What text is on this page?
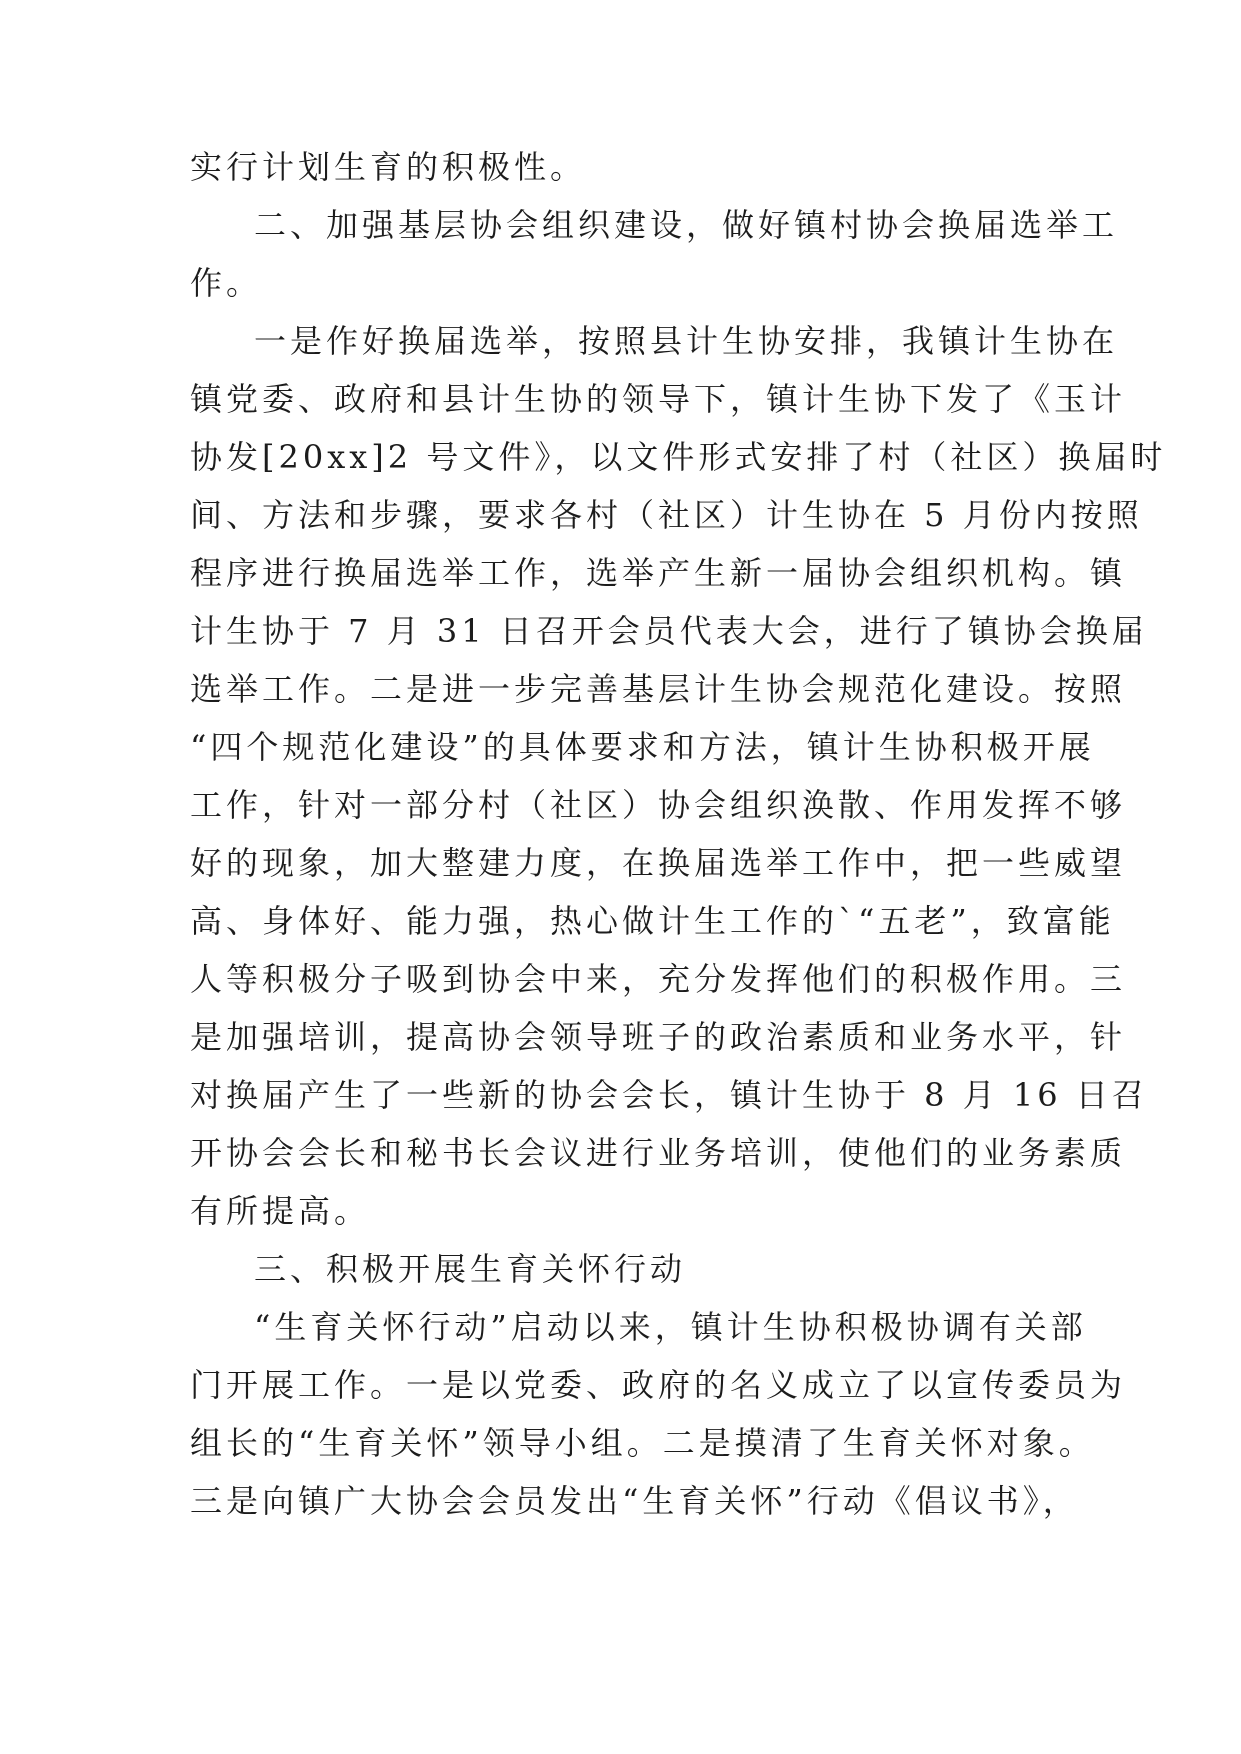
实行计划生育的积极性。
二、加强基层协会组织建设，做好镇村协会换届选举工
作。
一是作好换届选举，按照县计生协安排，我镇计生协在
镇党委、政府和县计生协的领导下，镇计生协下发了《玉计
协发[20xx]2 号文件》，以文件形式安排了村（社区）换届时
间、方法和步骤，要求各村（社区）计生协在 5 月份内按照
程序进行换届选举工作，选举产生新一届协会组织机构。镇
计生协于 7 月 31 日召开会员代表大会，进行了镇协会换届
选举工作。二是进一步完善基层计生协会规范化建设。按照
“四个规范化建设”的具体要求和方法，镇计生协积极开展
工作，针对一部分村（社区）协会组织涣散、作用发挥不够
好的现象，加大整建力度，在换届选举工作中，把一些威望
高、身体好、能力强，热心做计生工作的`“五老”，致富能
人等积极分子吸到协会中来，充分发挥他们的积极作用。三
是加强培训，提高协会领导班子的政治素质和业务水平，针
对换届产生了一些新的协会会长，镇计生协于 8 月 16 日召
开协会会长和秘书长会议进行业务培训，使他们的业务素质
有所提高。
三、积极开展生育关怀行动
“生育关怀行动”启动以来，镇计生协积极协调有关部
门开展工作。一是以党委、政府的名义成立了以宣传委员为
组长的“生育关怀”领导小组。二是摸清了生育关怀对象。
三是向镇广大协会会员发出“生育关怀”行动《倡议书》，
